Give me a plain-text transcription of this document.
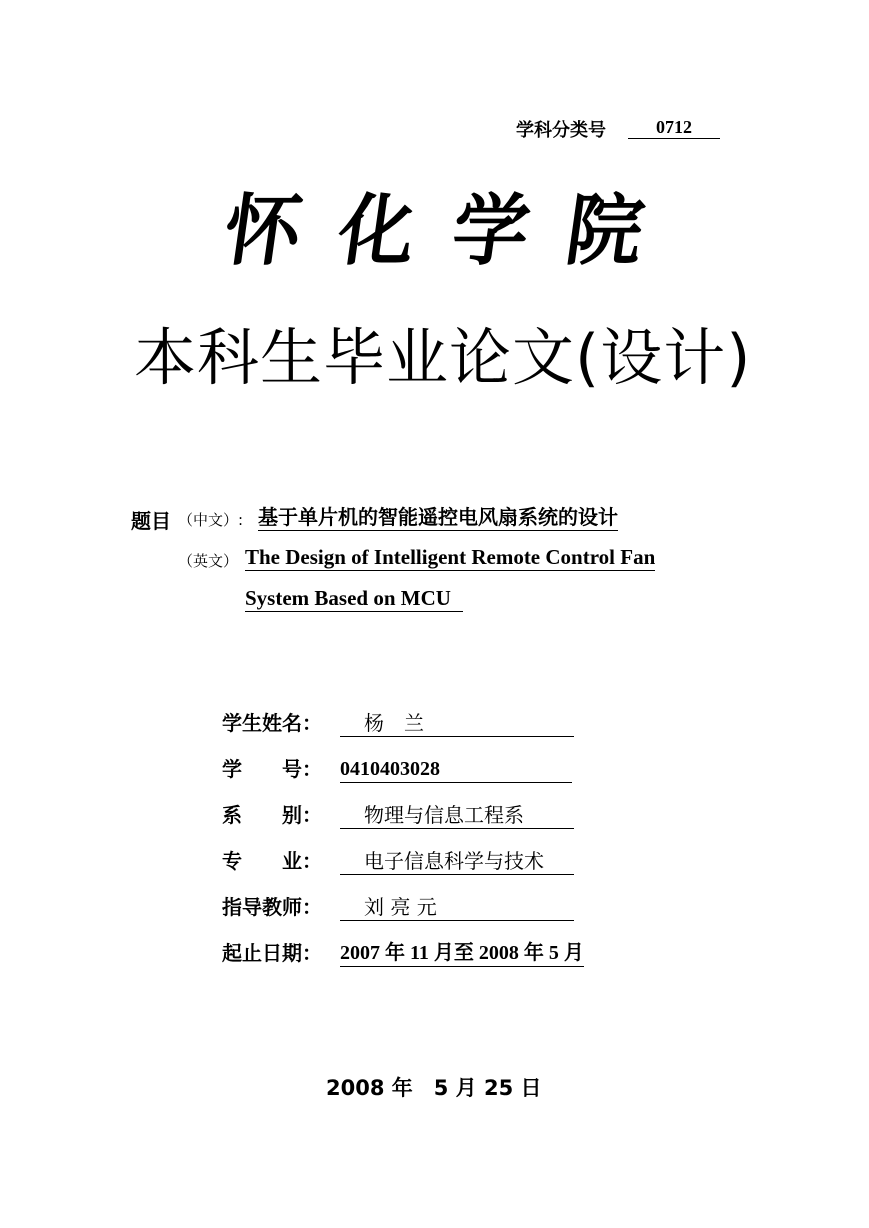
学科分类号	0712
怀化学院
本科生毕业论文(设计)
题目 （中文）: 基于单片机的智能遥控电风扇系统的设计
（英文） The Design of Intelligent Remote Control Fan
System Based on MCU
学生姓名：	杨　兰
学　　号： 0410403028
系　　别：	物理与信息工程系
专　　业：	电子信息科学与技术
指导教师：	刘 亮 元
起止日期： 2007 年 11 月至 2008 年 5 月
2008 年　5 月 25 日
